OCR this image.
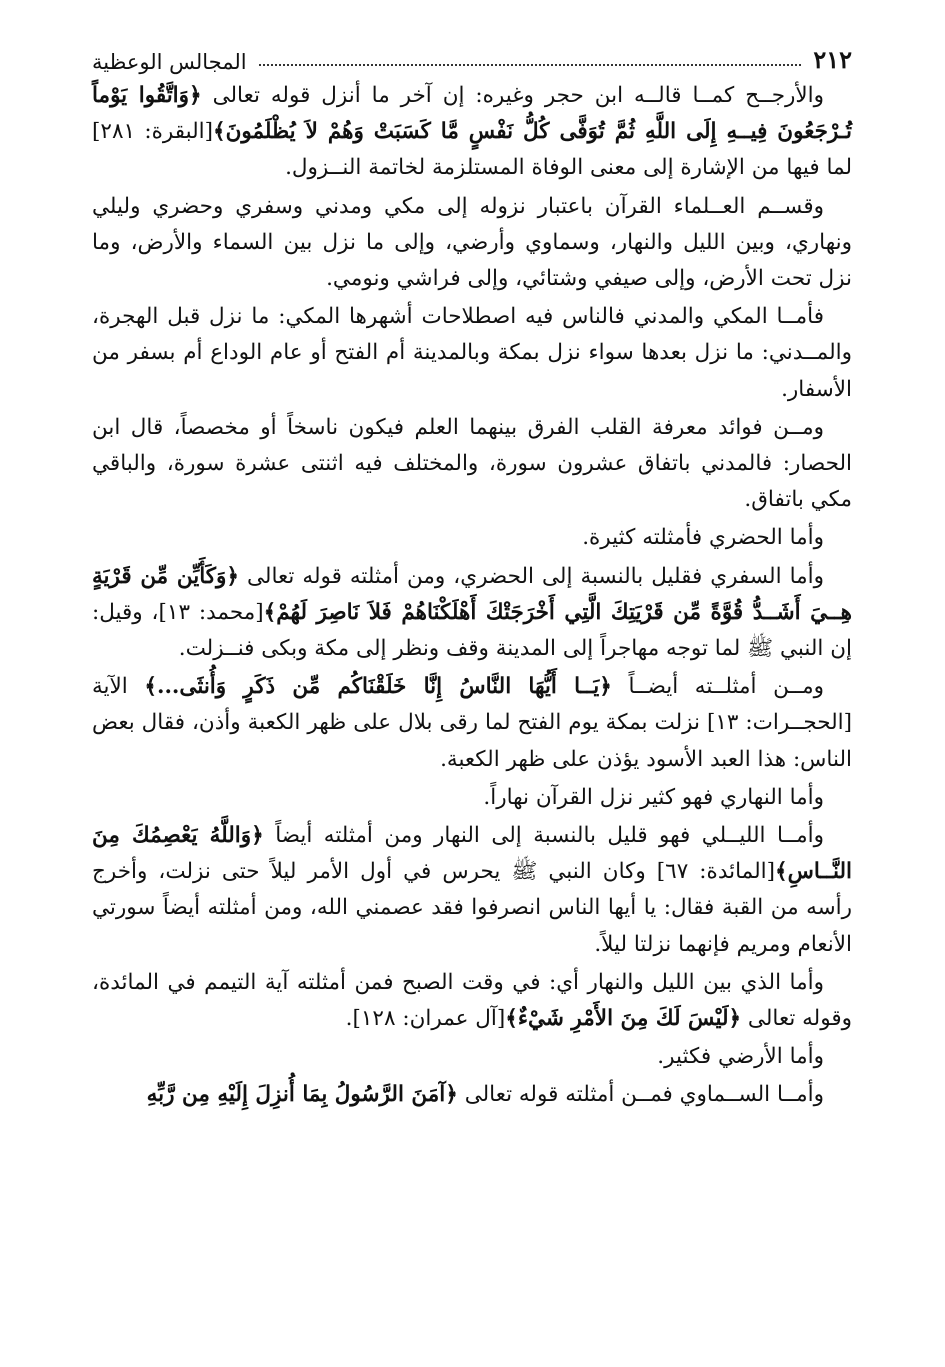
٢١٢
المجالس الوعظية

والأرجــح كمــا قالــه ابن حجر وغيره: إن آخر ما أنزل قوله تعالى ﴿وَاتَّقُوا يَوْماً تُـرْجَعُونَ فِيــهِ إِلَى اللَّهِ ثُمَّ تُوَفَّى كُلُّ نَفْسٍ مَّا كَسَبَتْ وَهُمْ لاَ يُظْلَمُونَ﴾[البقرة: ٢٨١] لما فيها من الإشارة إلى معنى الوفاة المستلزمة لخاتمة النــزول.

وقســم العــلماء القرآن باعتبار نزوله إلى مكي ومدني وسفري وحضري وليلي ونهاري، وبين الليل والنهار، وسماوي وأرضي، وإلى ما نزل بين السماء والأرض، وما نزل تحت الأرض، وإلى صيفي وشتائي، وإلى فراشي ونومي.

فأمــا المكي والمدني فالناس فيه اصطلاحات أشهرها المكي: ما نزل قبل الهجرة، والمــدني: ما نزل بعدها سواء نزل بمكة وبالمدينة أم الفتح أو عام الوداع أم بسفر من الأسفار.

ومــن فوائد معرفة القلب الفرق بينهما العلم فيكون ناسخاً أو مخصصاً، قال ابن الحصار: فالمدني باتفاق عشرون سورة، والمختلف فيه اثنتى عشرة سورة، والباقي مكي باتفاق.

وأما الحضري فأمثلته كثيرة.

وأما السفري فقليل بالنسبة إلى الحضري، ومن أمثلته قوله تعالى ﴿وَكَأَيِّن مِّن قَرْيَةٍ هِــيَ أَشَــدُّ قُوَّةً مِّن قَرْيَتِكَ الَّتِي أَخْرَجَتْكَ أَهْلَكْنَاهُمْ فَلاَ نَاصِرَ لَهُمْ﴾[محمد: ١٣]، وقيل: إن النبي ﷺ لما توجه مهاجراً إلى المدينة وقف ونظر إلى مكة وبكى فنــزلت.

ومــن أمثلــته أيضــاً ﴿يَــا أَيُّهَا النَّاسُ إِنَّا خَلَقْنَاكُم مِّن ذَكَرٍ وَأُنثَى...﴾ الآية [الحجــرات: ١٣] نزلت بمكة يوم الفتح لما رقى بلال على ظهر الكعبة وأذن، فقال بعض الناس: هذا العبد الأسود يؤذن على ظهر الكعبة.

وأما النهاري فهو كثير نزل القرآن نهاراً.

وأمــا الليــلي فهو قليل بالنسبة إلى النهار ومن أمثلته أيضاً ﴿وَاللَّهُ يَعْصِمُكَ مِنَ النَّــاسِ﴾[المائدة: ٦٧] وكان النبي ﷺ يحرس في أول الأمر ليلاً حتى نزلت، وأخرج رأسه من القبة فقال: يا أيها الناس انصرفوا فقد عصمني الله، ومن أمثلته أيضاً سورتي الأنعام ومريم فإنهما نزلتا ليلاً.

وأما الذي بين الليل والنهار أي: في وقت الصبح فمن أمثلته آية التيمم في المائدة، وقوله تعالى ﴿لَيْسَ لَكَ مِنَ الأَمْرِ شَيْءٌ﴾[آل عمران: ١٢٨].

وأما الأرضي فكثير.

وأمــا الســماوي فمــن أمثلته قوله تعالى ﴿آمَنَ الرَّسُولُ بِمَا أُنزِلَ إِلَيْهِ مِن رَّبِّهِ
